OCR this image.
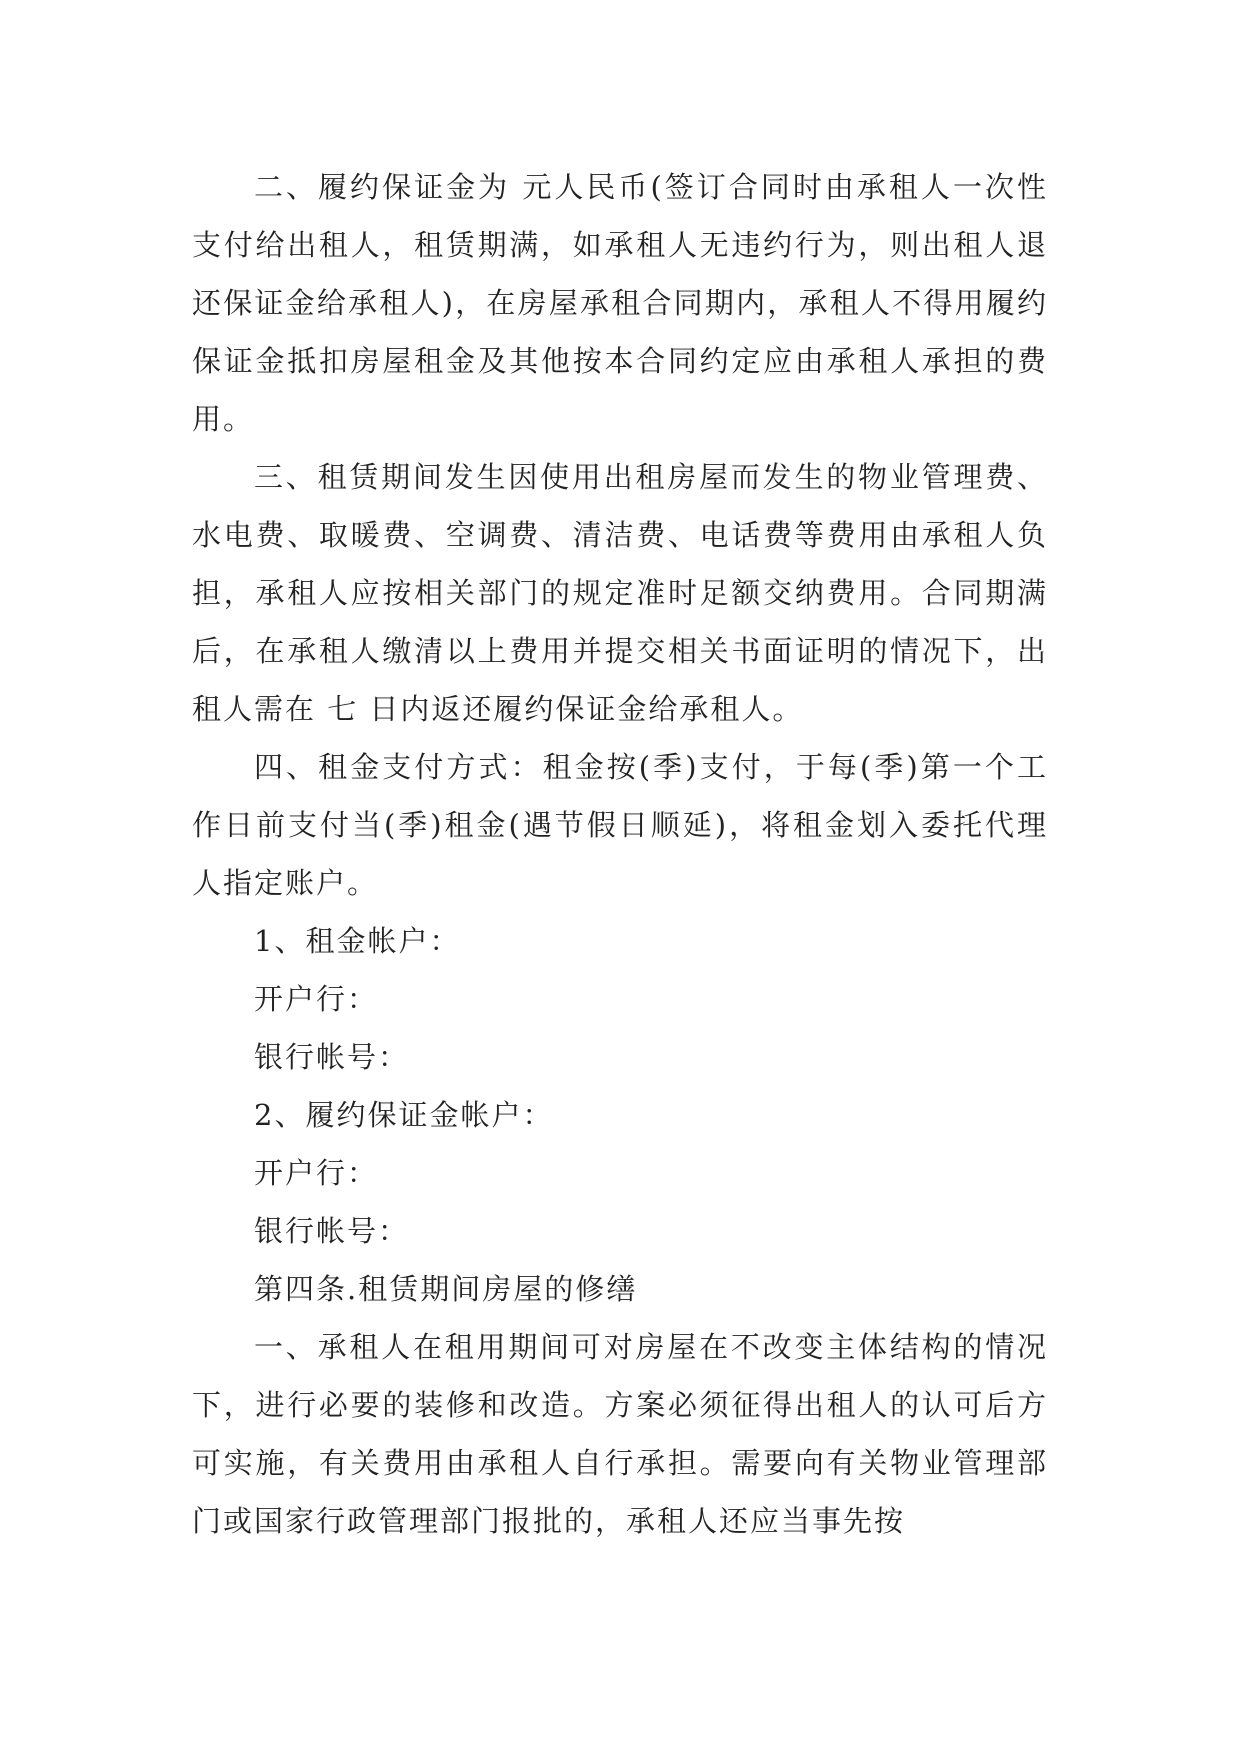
二、履约保证金为 元人民币(签订合同时由承租人一次性支付给出租人，租赁期满，如承租人无违约行为，则出租人退还保证金给承租人)，在房屋承租合同期内，承租人不得用履约保证金抵扣房屋租金及其他按本合同约定应由承租人承担的费用。

三、租赁期间发生因使用出租房屋而发生的物业管理费、水电费、取暖费、空调费、清洁费、电话费等费用由承租人负担，承租人应按相关部门的规定准时足额交纳费用。合同期满后，在承租人缴清以上费用并提交相关书面证明的情况下，出租人需在 七 日内返还履约保证金给承租人。

四、租金支付方式：租金按(季)支付，于每(季)第一个工作日前支付当(季)租金(遇节假日顺延)，将租金划入委托代理人指定账户。

1、租金帐户：

开户行：

银行帐号：

2、履约保证金帐户：

开户行：

银行帐号：

第四条.租赁期间房屋的修缮

一、承租人在租用期间可对房屋在不改变主体结构的情况下，进行必要的装修和改造。方案必须征得出租人的认可后方可实施，有关费用由承租人自行承担。需要向有关物业管理部门或国家行政管理部门报批的，承租人还应当事先按
